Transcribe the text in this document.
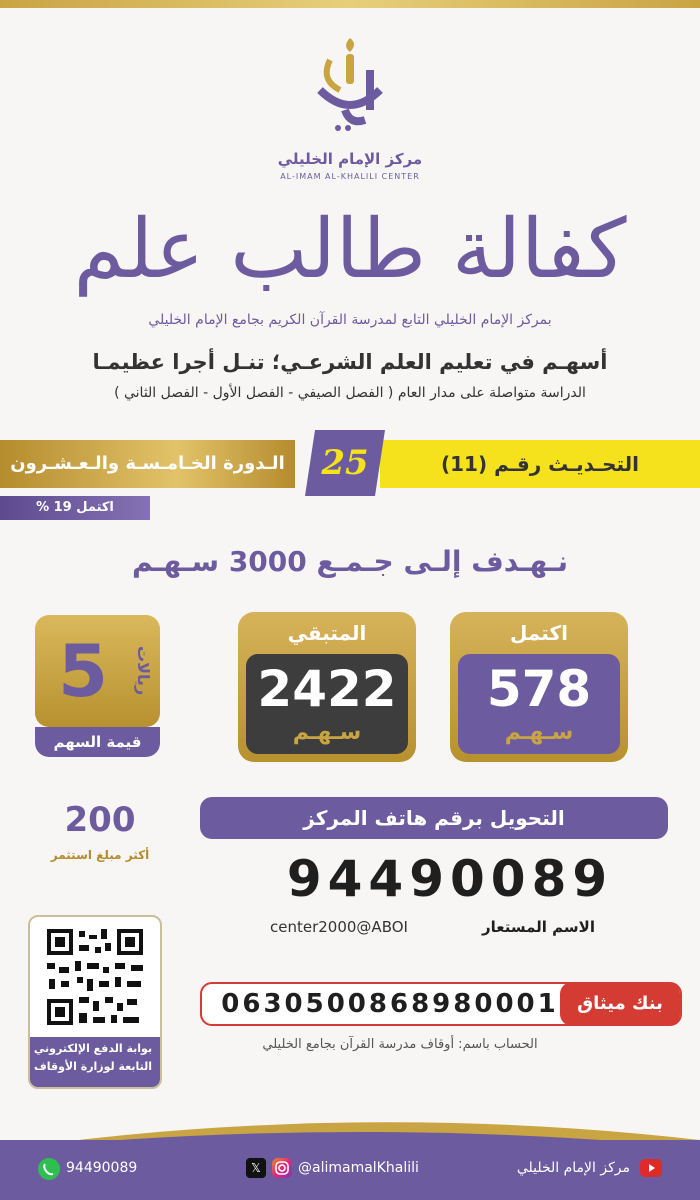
مركز الإمام الخليلي
AL-IMAM AL-KHALILI CENTER
كفالة طالب علم
بمركز الإمام الخليلي التابع لمدرسة القرآن الكريم بجامع الإمام الخليلي
أسهـم في تعليم العلم الشرعـي؛ تنـل أجرا عظيمـا
الدراسة متواصلة على مدار العام ( الفصل الصيفي - الفصل الأول - الفصل الثاني )
الـدورة الخـامـسـة والـعـشـرون	التحـديـث رقـم (11)
25
% 19 اكتمل
نـهـدف إلـى جـمـع 3000 سـهـم
اكتمل
578
سـهـم
المتبقي
2422
سـهـم
5	ريالات
قيمة السهم
200
أكثر مبلغ استثمر
التحويل برقم هاتف المركز
94490089
الاسم المستعار
center2000@ABOI
بنك ميثاق
0630500868980001
الحساب باسم: أوقاف مدرسة القرآن بجامع الخليلي
بوابة الدفع الإلكتروني
التابعة لوزارة الأوقاف
94490089	𝕏	@alimamalKhalili	مركز الإمام الخليلي
